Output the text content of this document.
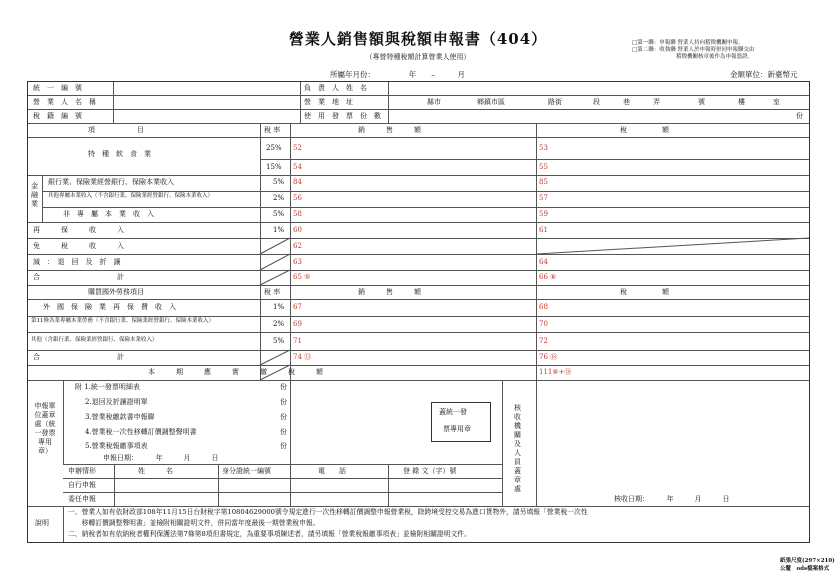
營業人銷售額與稅額申報書（404）
（專營特種稅額計算營業人使用）
□第一聯：申報聯 營業人持向稽徵機關申報。
□第二聯：收執聯 營業人於申報時併同申報聯交由
　　　　　　　　稽徵機關核章後作為申報憑證。
所屬年月份：　　　　　年　　–　　　月	金額單位：新臺幣元
統　一　編　號
營　業　人　名　稱
稅　籍　編　號
負　責　人　姓　名
營　業　地　址
使　用　發　票　份　數
縣市	鄉鎮市區	路街	段	巷	弄	號	樓	室
份
項　　　　　　目	稅 率	銷　　　售　　　額	稅　　　　　額
金融業
特　種　飲　食　業
25% 52	53
15% 54	55
銀行業、保險業經營銀行、保險本業收入	5% 84	85
其他專屬本業收入（不含銀行業、保險業經營銀行、保險本業收入）	2% 56	57
非　專　屬　本　業　收　入	5% 58	59
再　　　保　　　收　　　入	1% 60	61
免　　　稅　　　收　　　入	62
減　：　退　回　及　折　讓	63	64
合　　　　　　　　　　　計	65 ⑤	66 ⑥
購買國外勞務項目	稅 率	銷　　　售　　　額	稅　　　　　額
外　國　保　險　業　再　保　費　收　入	1% 67	68
第11條各業專屬本業勞務（不含銀行業、保險業經營銀行、保險本業收入）	2% 69	70
其他（含銀行業、保險業經營銀行、保險本業收入）	5% 71	72
合　　　　　　　　　　　計	74 ⑬	76 ⑱
本　　　期　　　應　　　實　　　繳　　　稅　　　額	111⑥+⑱
申報單位蓋章處（統一發票專用章）
附 1.統一發票明細表
2.退回及折讓證明單
3.營業稅繳款書申報聯
4.營業稅一次性移轉訂價調整聲明書
5.營業稅報繳事項表
份
份
份
份
份
申報日期：　　　年　　　月　　　日
蓋統一發
票專用章
核收機關及人員蓋章處
申辦情形	姓　　　名	身分證統一編號	電　　話	登 錄 文（字）號
自行申報
委任申報	核收日期：　　　年　　　月　　　日
說明
一、營業人如有依財政部108年11月15日台財稅字第10804629000號令規定進行一次性移轉訂價調整申報營業稅，除跨境受控交易為進口貨物外，請另填報「營業稅一次性
　　移轉訂價調整聲明書」並檢附相關證明文件，併同當年度最後一期營業稅申報。
二、納稅者如有依納稅者權利保護法第7條第8項但書規定，為重要事項陳述者，請另填報「營業稅報繳事項表」並檢附相關證明文件。
紙張尺度(297×210)公釐　ods檔案格式
